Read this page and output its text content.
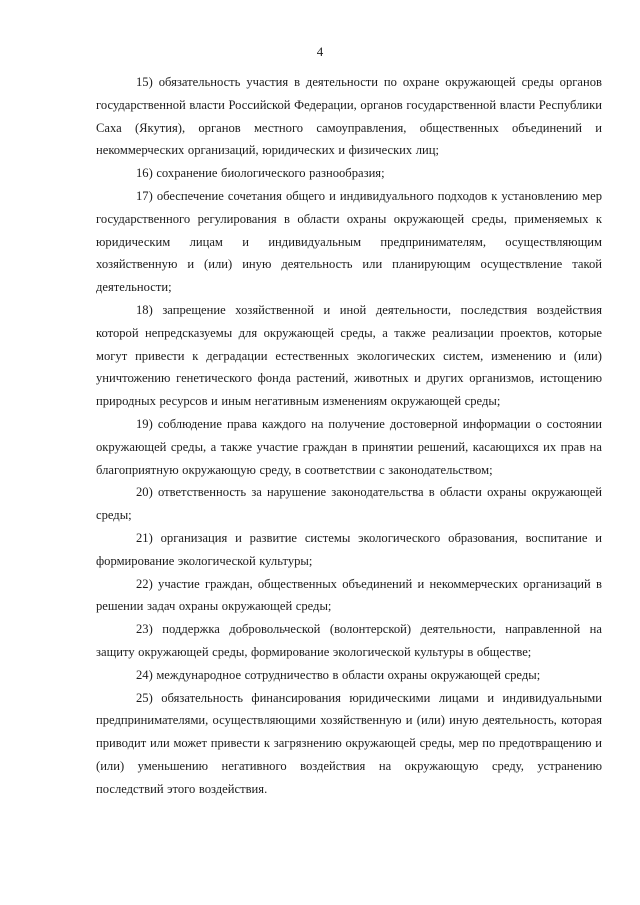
4

15) обязательность участия в деятельности по охране окружающей среды органов государственной власти Российской Федерации, органов государственной власти Республики Саха (Якутия), органов местного самоуправления, общественных объединений и некоммерческих организаций, юридических и физических лиц;

16) сохранение биологического разнообразия;

17) обеспечение сочетания общего и индивидуального подходов к установлению мер государственного регулирования в области охраны окружающей среды, применяемых к юридическим лицам и индивидуальным предпринимателям, осуществляющим хозяйственную и (или) иную деятельность или планирующим осуществление такой деятельности;

18) запрещение хозяйственной и иной деятельности, последствия воздействия которой непредсказуемы для окружающей среды, а также реализации проектов, которые могут привести к деградации естественных экологических систем, изменению и (или) уничтожению генетического фонда растений, животных и других организмов, истощению природных ресурсов и иным негативным изменениям окружающей среды;

19) соблюдение права каждого на получение достоверной информации о состоянии окружающей среды, а также участие граждан в принятии решений, касающихся их прав на благоприятную окружающую среду, в соответствии с законодательством;

20) ответственность за нарушение законодательства в области охраны окружающей среды;

21) организация и развитие системы экологического образования, воспитание и формирование экологической культуры;

22) участие граждан, общественных объединений и некоммерческих организаций в решении задач охраны окружающей среды;

23) поддержка добровольческой (волонтерской) деятельности, направленной на защиту окружающей среды, формирование экологической культуры в обществе;

24) международное сотрудничество в области охраны окружающей среды;

25) обязательность финансирования юридическими лицами и индивидуальными предпринимателями, осуществляющими хозяйственную и (или) иную деятельность, которая приводит или может привести к загрязнению окружающей среды, мер по предотвращению и (или) уменьшению негативного воздействия на окружающую среду, устранению последствий этого воздействия.
